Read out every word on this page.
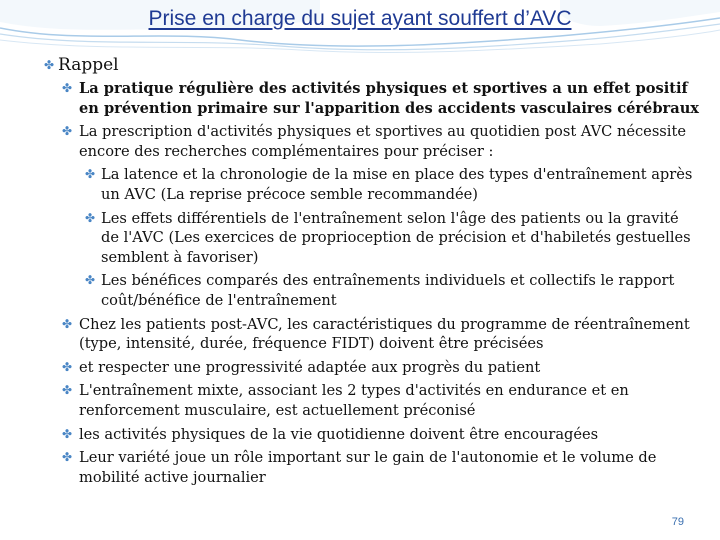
Prise en charge du sujet ayant souffert d’AVC
✤ Rappel
✤ La pratique régulière des activités physiques et sportives a un effet positif en prévention primaire sur l'apparition des accidents vasculaires cérébraux
✤ La prescription d'activités physiques et sportives au quotidien post AVC nécessite encore des recherches complémentaires pour préciser :
✤ La latence et la chronologie de la mise en place des types d'entraînement après un AVC (La reprise précoce semble recommandée)
✤ Les effets différentiels de l'entraînement selon l'âge des patients ou la gravité de l'AVC (Les exercices de proprioception de précision et d'habiletés gestuelles semblent à favoriser)
✤ Les bénéfices comparés des entraînements individuels et collectifs le rapport coût/bénéfice de l'entraînement
✤ Chez les patients post-AVC, les caractéristiques du programme de réentraînement (type, intensité, durée, fréquence FIDT) doivent être précisées
✤ et respecter une progressivité adaptée aux progrès du patient
✤ L'entraînement mixte, associant les 2 types d'activités en endurance et en renforcement musculaire, est actuellement préconisé
✤ les activités physiques de la vie quotidienne doivent être encouragées
✤ Leur variété joue un rôle important sur le gain de l'autonomie et le volume de mobilité active journalier
79
